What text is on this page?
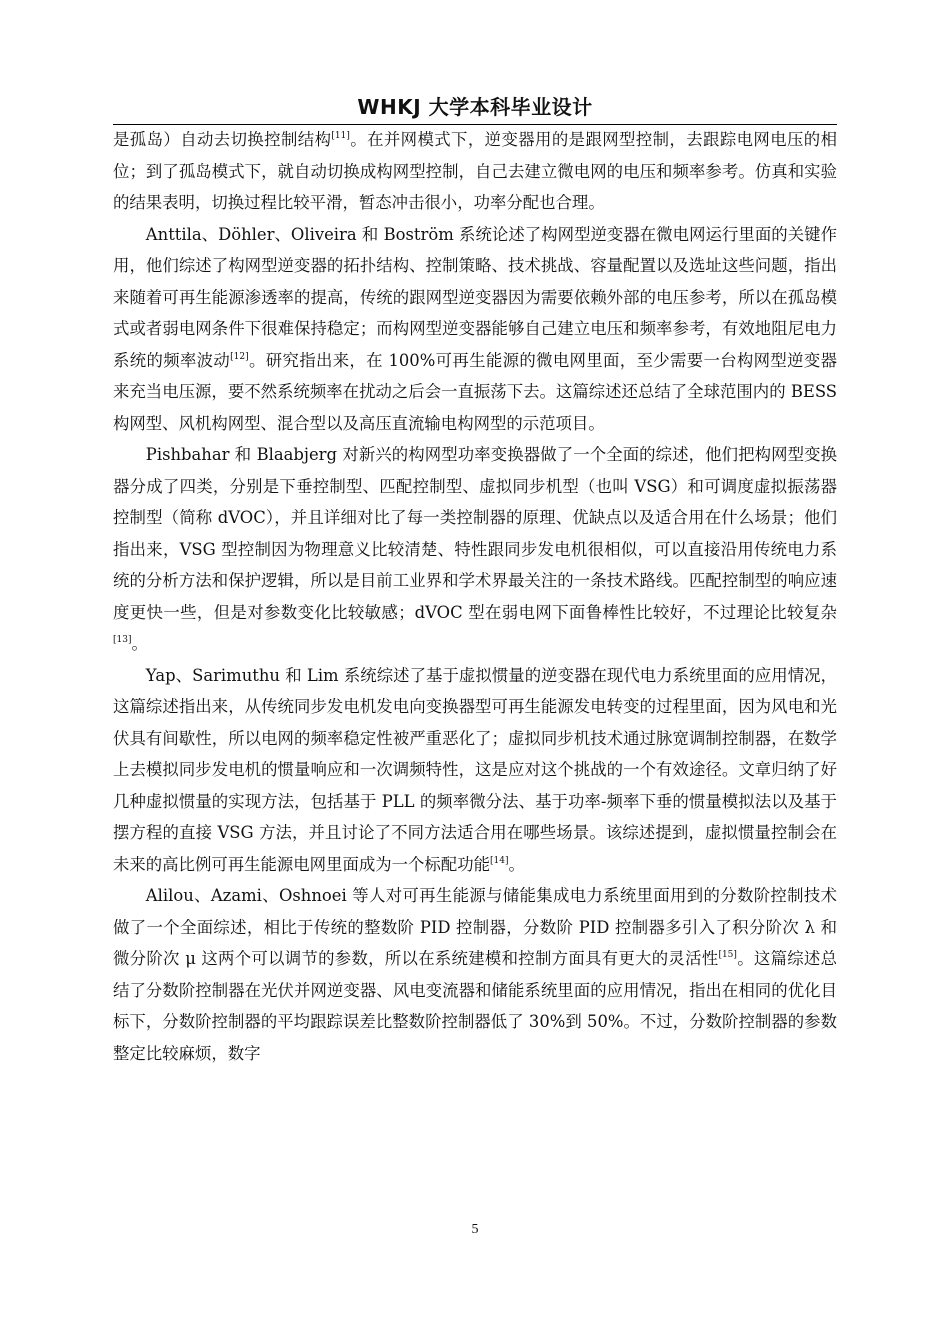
WHKJ 大学本科毕业设计

是孤岛）自动去切换控制结构[11]。在并网模式下，逆变器用的是跟网型控制，去跟踪电网电压的相位；到了孤岛模式下，就自动切换成构网型控制，自己去建立微电网的电压和频率参考。仿真和实验的结果表明，切换过程比较平滑，暂态冲击很小，功率分配也合理。

Anttila、Döhler、Oliveira 和 Boström 系统论述了构网型逆变器在微电网运行里面的关键作用，他们综述了构网型逆变器的拓扑结构、控制策略、技术挑战、容量配置以及选址这些问题，指出来随着可再生能源渗透率的提高，传统的跟网型逆变器因为需要依赖外部的电压参考，所以在孤岛模式或者弱电网条件下很难保持稳定；而构网型逆变器能够自己建立电压和频率参考，有效地阻尼电力系统的频率波动[12]。研究指出来，在 100%可再生能源的微电网里面，至少需要一台构网型逆变器来充当电压源，要不然系统频率在扰动之后会一直振荡下去。这篇综述还总结了全球范围内的 BESS 构网型、风机构网型、混合型以及高压直流输电构网型的示范项目。

Pishbahar 和 Blaabjerg 对新兴的构网型功率变换器做了一个全面的综述，他们把构网型变换器分成了四类，分别是下垂控制型、匹配控制型、虚拟同步机型（也叫 VSG）和可调度虚拟振荡器控制型（简称 dVOC），并且详细对比了每一类控制器的原理、优缺点以及适合用在什么场景；他们指出来，VSG 型控制因为物理意义比较清楚、特性跟同步发电机很相似，可以直接沿用传统电力系统的分析方法和保护逻辑，所以是目前工业界和学术界最关注的一条技术路线。匹配控制型的响应速度更快一些，但是对参数变化比较敏感；dVOC 型在弱电网下面鲁棒性比较好，不过理论比较复杂[13]。

Yap、Sarimuthu 和 Lim 系统综述了基于虚拟惯量的逆变器在现代电力系统里面的应用情况，这篇综述指出来，从传统同步发电机发电向变换器型可再生能源发电转变的过程里面，因为风电和光伏具有间歇性，所以电网的频率稳定性被严重恶化了；虚拟同步机技术通过脉宽调制控制器，在数学上去模拟同步发电机的惯量响应和一次调频特性，这是应对这个挑战的一个有效途径。文章归纳了好几种虚拟惯量的实现方法，包括基于 PLL 的频率微分法、基于功率-频率下垂的惯量模拟法以及基于摆方程的直接 VSG 方法，并且讨论了不同方法适合用在哪些场景。该综述提到，虚拟惯量控制会在未来的高比例可再生能源电网里面成为一个标配功能[14]。

Alilou、Azami、Oshnoei 等人对可再生能源与储能集成电力系统里面用到的分数阶控制技术做了一个全面综述，相比于传统的整数阶 PID 控制器，分数阶 PID 控制器多引入了积分阶次 λ 和微分阶次 μ 这两个可以调节的参数，所以在系统建模和控制方面具有更大的灵活性[15]。这篇综述总结了分数阶控制器在光伏并网逆变器、风电变流器和储能系统里面的应用情况，指出在相同的优化目标下，分数阶控制器的平均跟踪误差比整数阶控制器低了 30%到 50%。不过，分数阶控制器的参数整定比较麻烦，数字

5
